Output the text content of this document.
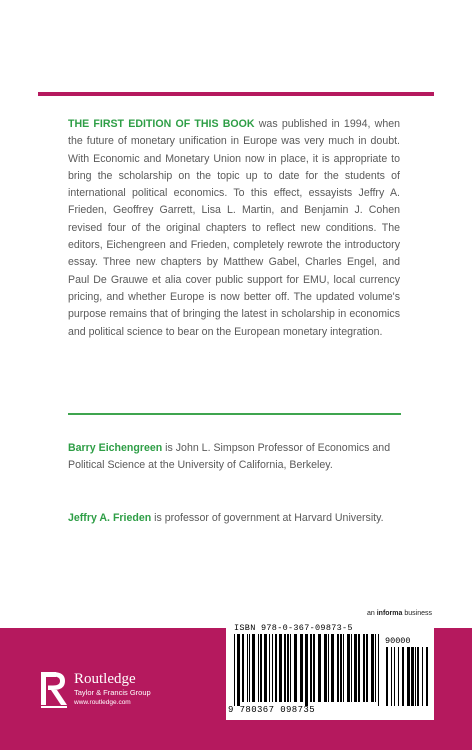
THE FIRST EDITION OF THIS BOOK was published in 1994, when the future of monetary unification in Europe was very much in doubt. With Economic and Monetary Union now in place, it is appropriate to bring the scholarship on the topic up to date for the students of international political economics. To this effect, essayists Jeffry A. Frieden, Geoffrey Garrett, Lisa L. Martin, and Benjamin J. Cohen revised four of the original chapters to reflect new conditions. The editors, Eichengreen and Frieden, completely rewrote the introductory essay. Three new chapters by Matthew Gabel, Charles Engel, and Paul De Grauwe et alia cover public support for EMU, local currency pricing, and whether Europe is now better off. The updated volume's purpose remains that of bringing the latest in scholarship in economics and political science to bear on the European monetary integration.

Barry Eichengreen is John L. Simpson Professor of Economics and Political Science at the University of California, Berkeley.

Jeffry A. Frieden is professor of government at Harvard University.

an informa business
Routledge
Taylor & Francis Group
www.routledge.com
ISBN 978-0-367-09873-5
90000
9 780367 098735
